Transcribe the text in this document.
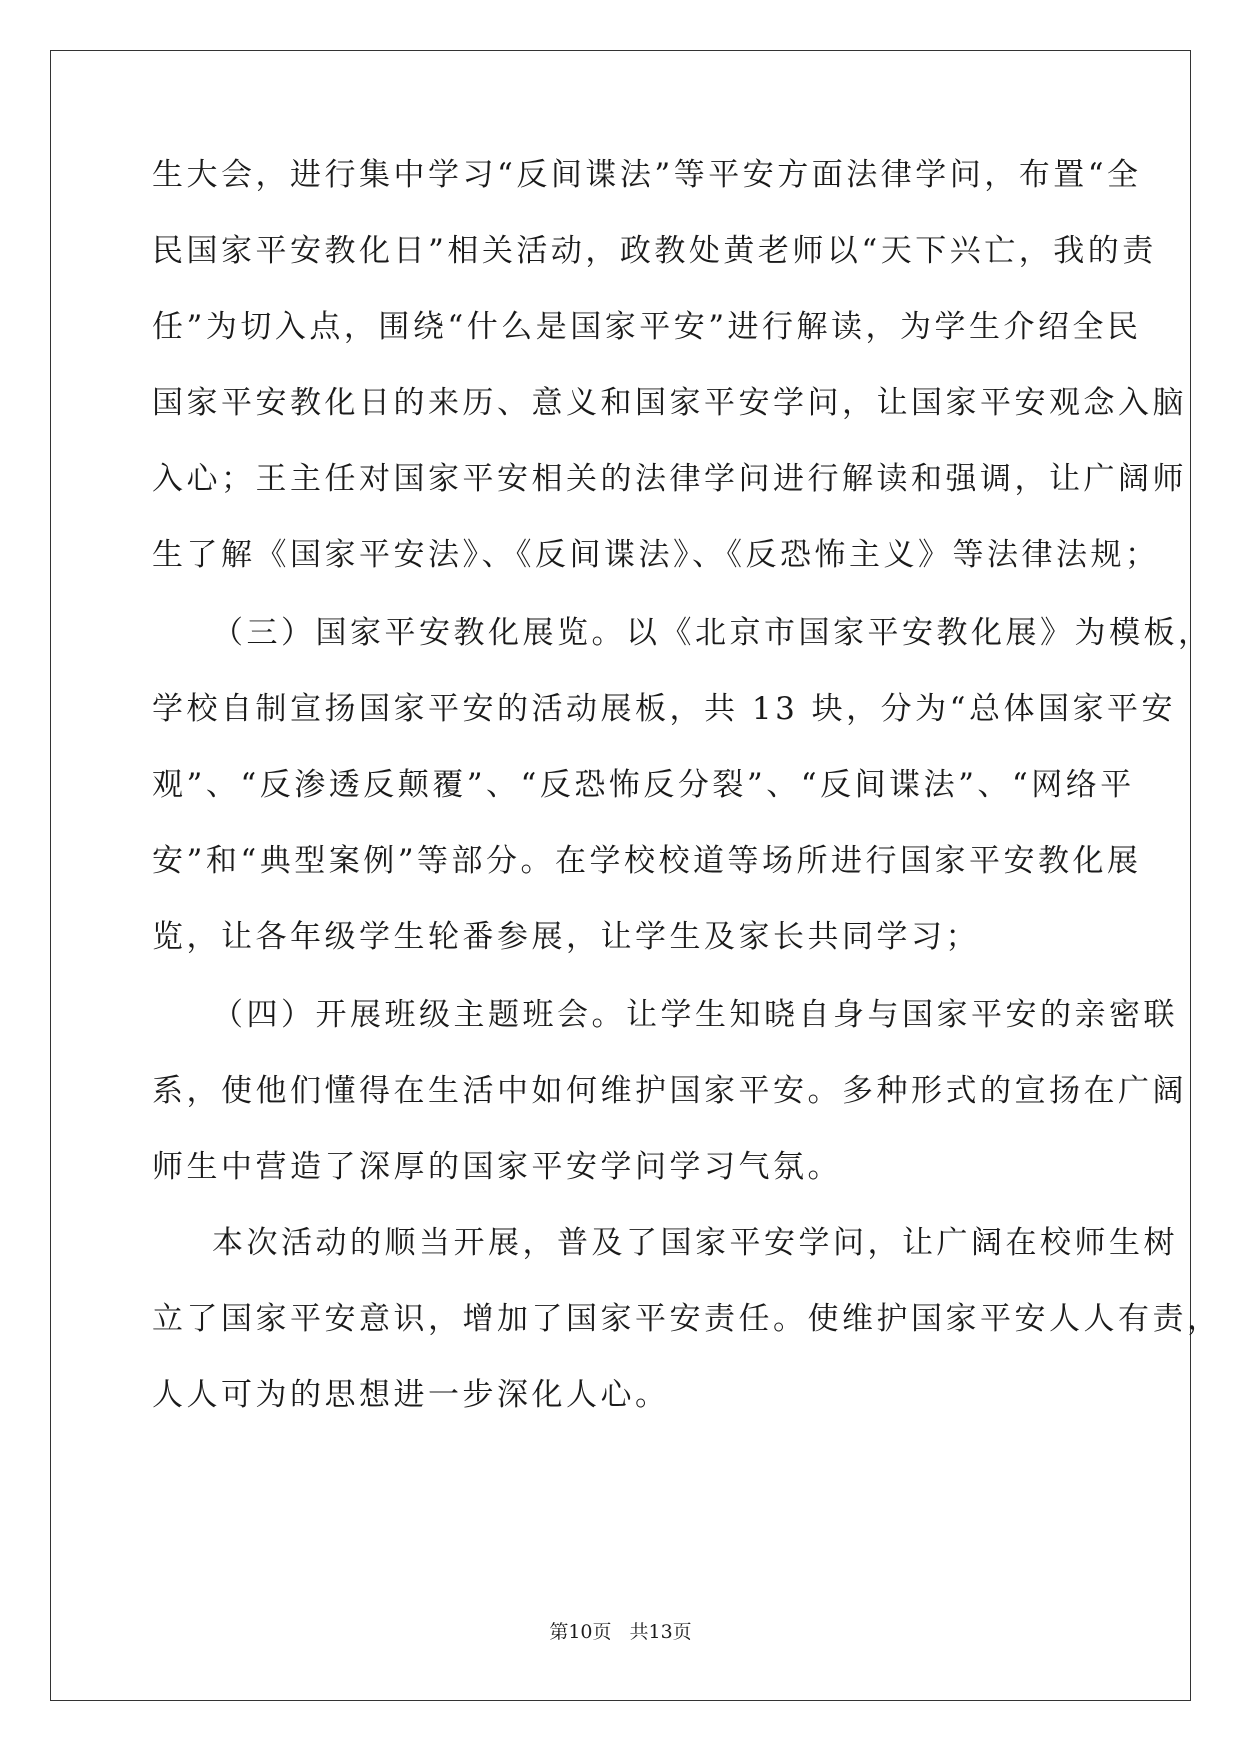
生大会，进行集中学习“反间谍法”等平安方面法律学问，布置“全
民国家平安教化日”相关活动，政教处黄老师以“天下兴亡，我的责
任”为切入点，围绕“什么是国家平安”进行解读，为学生介绍全民
国家平安教化日的来历、意义和国家平安学问，让国家平安观念入脑
入心；王主任对国家平安相关的法律学问进行解读和强调，让广阔师
生了解《国家平安法》、《反间谍法》、《反恐怖主义》等法律法规；
（三）国家平安教化展览。以《北京市国家平安教化展》为模板，
学校自制宣扬国家平安的活动展板，共 13 块，分为“总体国家平安
观”、“反渗透反颠覆”、“反恐怖反分裂”、“反间谍法”、“网络平
安”和“典型案例”等部分。在学校校道等场所进行国家平安教化展
览，让各年级学生轮番参展，让学生及家长共同学习；
（四）开展班级主题班会。让学生知晓自身与国家平安的亲密联
系，使他们懂得在生活中如何维护国家平安。多种形式的宣扬在广阔
师生中营造了深厚的国家平安学问学习气氛。
本次活动的顺当开展，普及了国家平安学问，让广阔在校师生树
立了国家平安意识，增加了国家平安责任。使维护国家平安人人有责，
人人可为的思想进一步深化人心。
第10页 共13页
